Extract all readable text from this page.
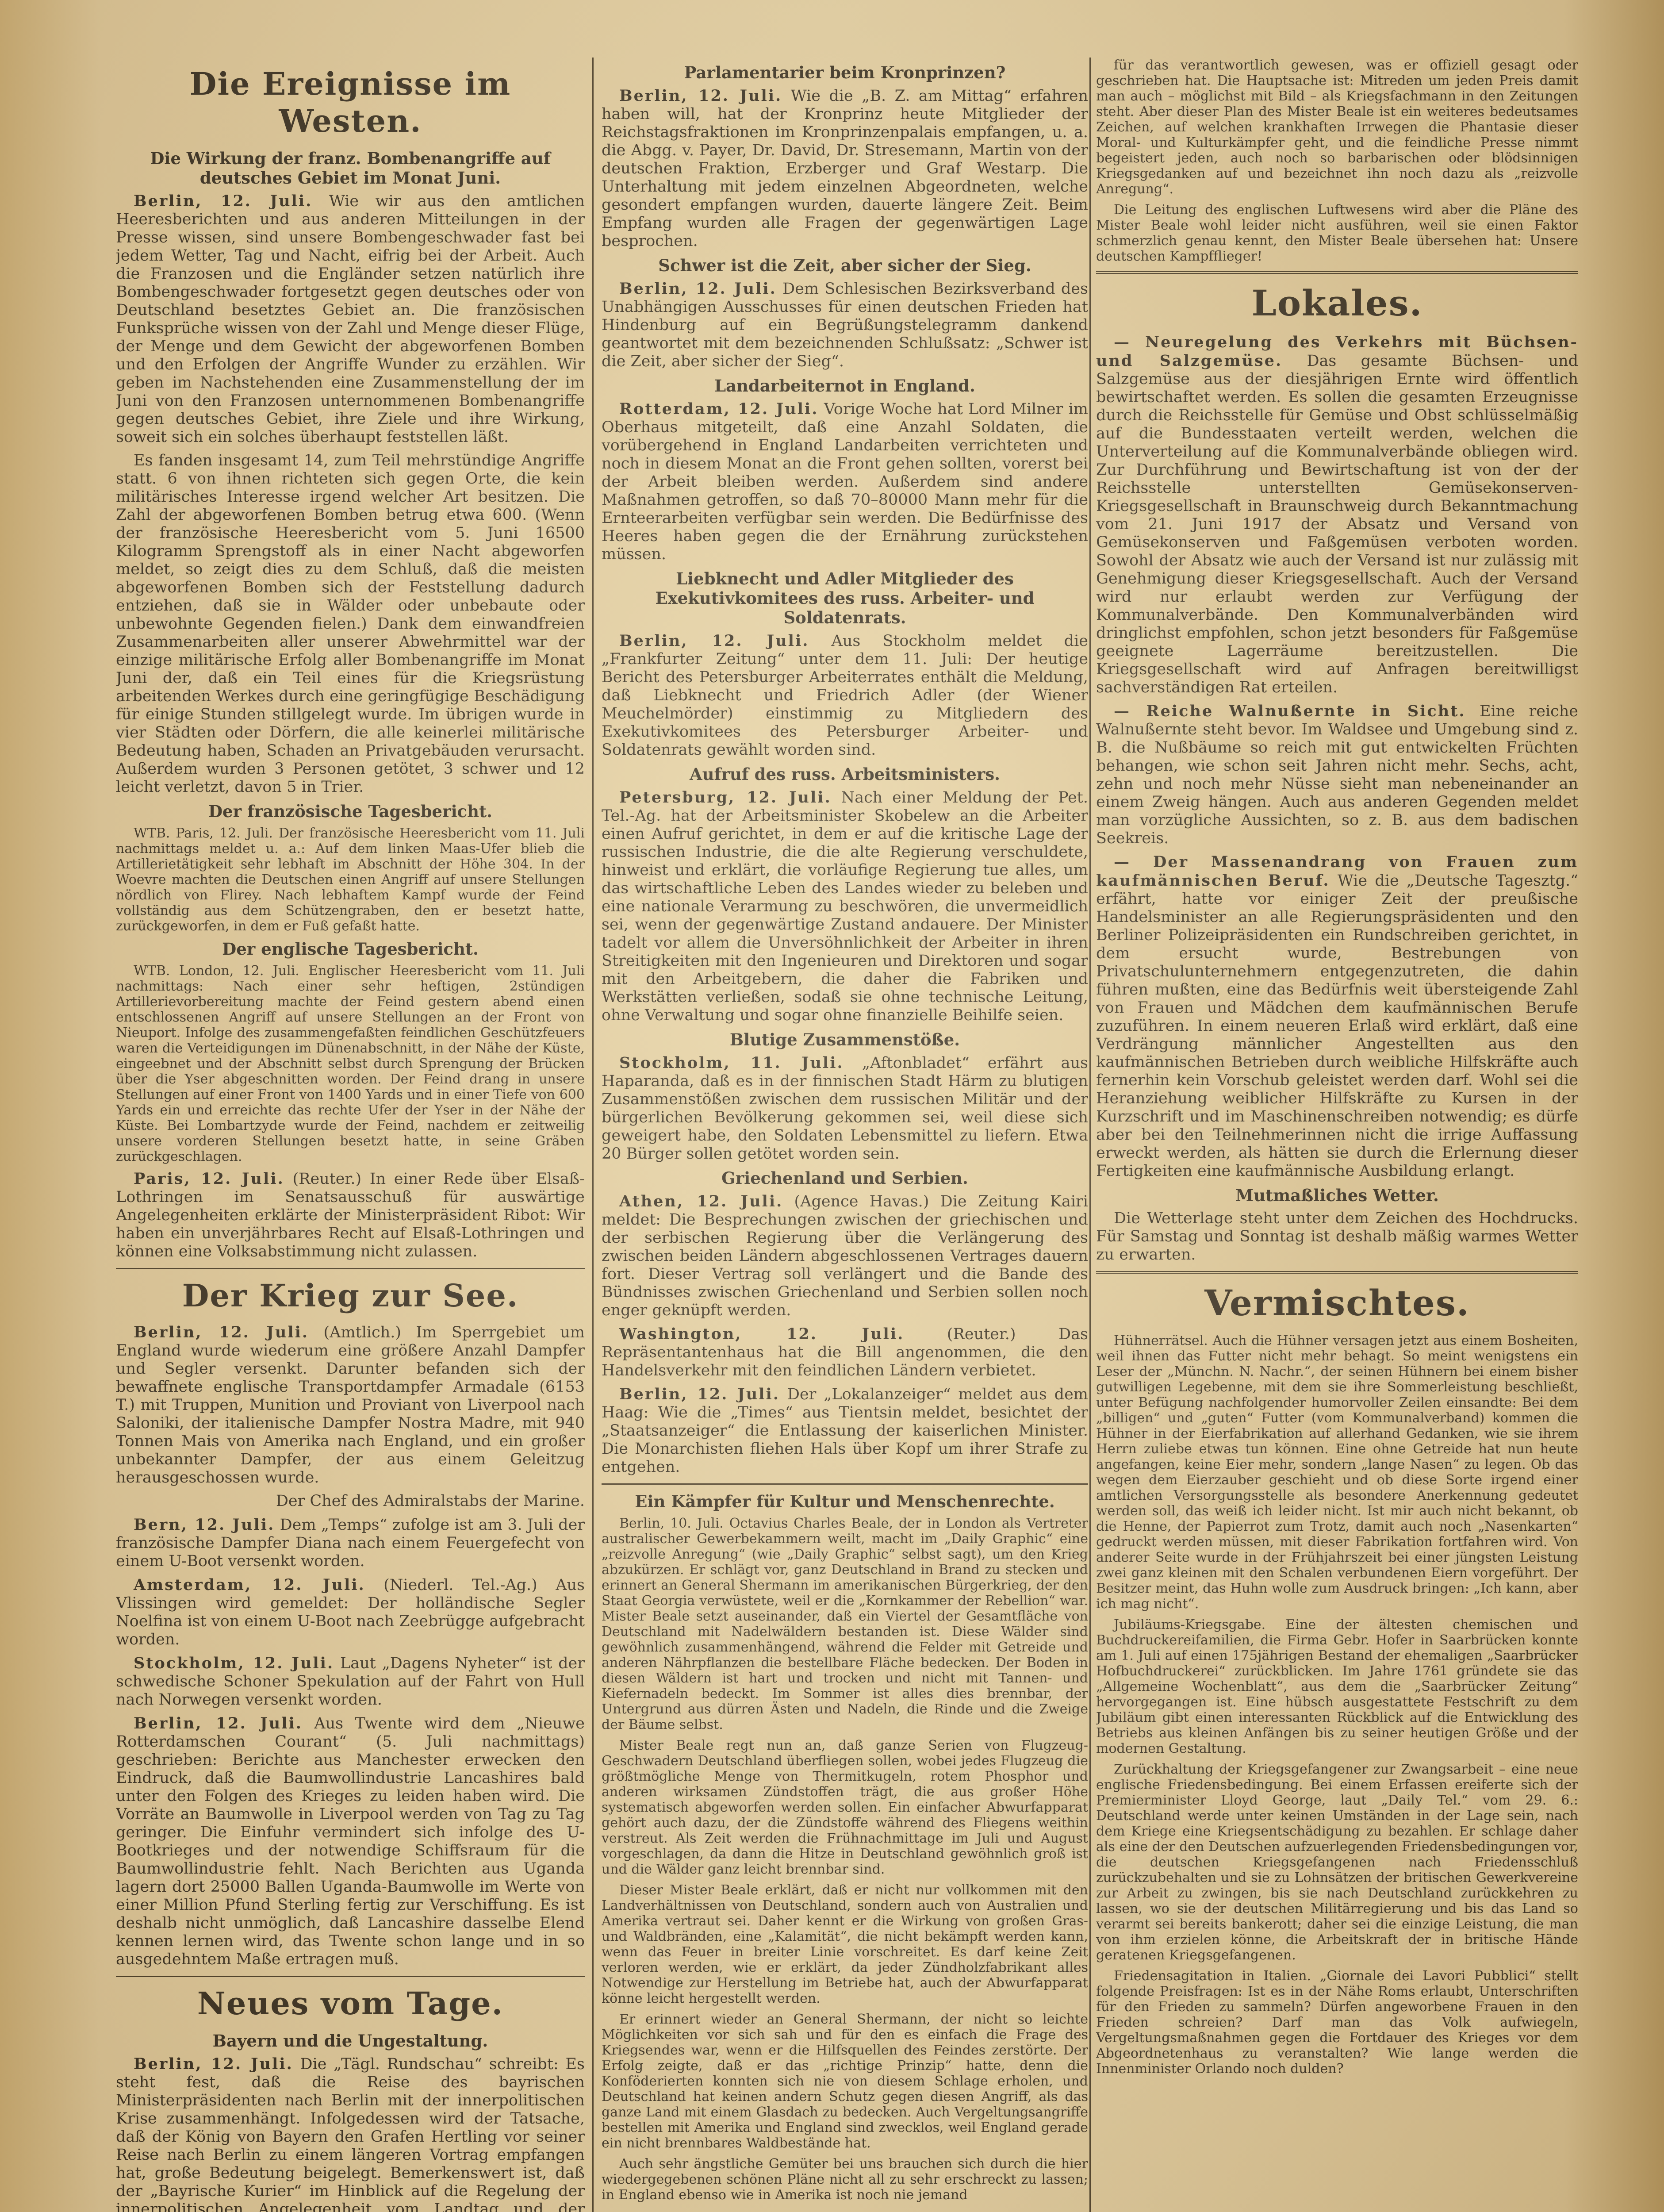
Die Ereignisse im Westen.
Die Wirkung der franz. Bombenangriffe auf deutsches Gebiet im Monat Juni.

Berlin, 12. Juli. Wie wir aus den amtlichen Heeresberichten und aus anderen Mitteilungen in der Presse wissen, sind unsere Bombengeschwader fast bei jedem Wetter, Tag und Nacht, eifrig bei der Arbeit. Auch die Franzosen und die Engländer setzen natürlich ihre Bombengeschwader fortgesetzt gegen deutsches oder von Deutschland besetztes Gebiet an. Die französischen Funksprüche wissen von der Zahl und Menge dieser Flüge, der Menge und dem Gewicht der abgeworfenen Bomben und den Erfolgen der Angriffe Wunder zu erzählen. Wir geben im Nachstehenden eine Zusammenstellung der im Juni von den Franzosen unternommenen Bombenangriffe gegen deutsches Gebiet, ihre Ziele und ihre Wirkung, soweit sich ein solches überhaupt feststellen läßt.

Es fanden insgesamt 14, zum Teil mehrstündige Angriffe statt. 6 von ihnen richteten sich gegen Orte, die kein militärisches Interesse irgend welcher Art besitzen. Die Zahl der abgeworfenen Bomben betrug etwa 600. (Wenn der französische Heeresbericht vom 5. Juni 16500 Kilogramm Sprengstoff als in einer Nacht abgeworfen meldet, so zeigt dies zu dem Schluß, daß die meisten abgeworfenen Bomben sich der Feststellung dadurch entziehen, daß sie in Wälder oder unbebaute oder unbewohnte Gegenden fielen.) Dank dem einwandfreien Zusammenarbeiten aller unserer Abwehrmittel war der einzige militärische Erfolg aller Bombenangriffe im Monat Juni der, daß ein Teil eines für die Kriegsrüstung arbeitenden Werkes durch eine geringfügige Beschädigung für einige Stunden stillgelegt wurde. Im übrigen wurde in vier Städten oder Dörfern, die alle keinerlei militärische Bedeutung haben, Schaden an Privatgebäuden verursacht. Außerdem wurden 3 Personen getötet, 3 schwer und 12 leicht verletzt, davon 5 in Trier.

Der französische Tagesbericht.

WTB. Paris, 12. Juli. Der französische Heeresbericht vom 11. Juli nachmittags meldet u. a.: Auf dem linken Maas-Ufer blieb die Artillerietätigkeit sehr lebhaft im Abschnitt der Höhe 304. In der Woevre machten die Deutschen einen Angriff auf unsere Stellungen nördlich von Flirey. Nach lebhaftem Kampf wurde der Feind vollständig aus dem Schützengraben, den er besetzt hatte, zurückgeworfen, in dem er Fuß gefaßt hatte.

Der englische Tagesbericht.

WTB. London, 12. Juli. Englischer Heeresbericht vom 11. Juli nachmittags: Nach einer sehr heftigen, 2stündigen Artillerievorbereitung machte der Feind gestern abend einen entschlossenen Angriff auf unsere Stellungen an der Front von Nieuport. Infolge des zusammengefaßten feindlichen Geschützfeuers waren die Verteidigungen im Dünenabschnitt, in der Nähe der Küste, eingeebnet und der Abschnitt selbst durch Sprengung der Brücken über die Yser abgeschnitten worden. Der Feind drang in unsere Stellungen auf einer Front von 1400 Yards und in einer Tiefe von 600 Yards ein und erreichte das rechte Ufer der Yser in der Nähe der Küste. Bei Lombartzyde wurde der Feind, nachdem er zeitweilig unsere vorderen Stellungen besetzt hatte, in seine Gräben zurückgeschlagen.

Paris, 12. Juli. (Reuter.) In einer Rede über Elsaß-Lothringen im Senatsausschuß für auswärtige Angelegenheiten erklärte der Ministerpräsident Ribot: Wir haben ein unverjährbares Recht auf Elsaß-Lothringen und können eine Volksabstimmung nicht zulassen.

Der Krieg zur See.

Berlin, 12. Juli. (Amtlich.) Im Sperrgebiet um England wurde wiederum eine größere Anzahl Dampfer und Segler versenkt. Darunter befanden sich der bewaffnete englische Transportdampfer Armadale (6153 T.) mit Truppen, Munition und Proviant von Liverpool nach Saloniki, der italienische Dampfer Nostra Madre, mit 940 Tonnen Mais von Amerika nach England, und ein großer unbekannter Dampfer, der aus einem Geleitzug herausgeschossen wurde.

Der Chef des Admiralstabs der Marine.

Bern, 12. Juli. Dem „Temps“ zufolge ist am 3. Juli der französische Dampfer Diana nach einem Feuergefecht von einem U-Boot versenkt worden.

Amsterdam, 12. Juli. (Niederl. Tel.-Ag.) Aus Vlissingen wird gemeldet: Der holländische Segler Noelfina ist von einem U-Boot nach Zeebrügge aufgebracht worden.

Stockholm, 12. Juli. Laut „Dagens Nyheter“ ist der schwedische Schoner Spekulation auf der Fahrt von Hull nach Norwegen versenkt worden.

Berlin, 12. Juli. Aus Twente wird dem „Nieuwe Rotterdamschen Courant“ (5. Juli nachmittags) geschrieben: Berichte aus Manchester erwecken den Eindruck, daß die Baumwollindustrie Lancashires bald unter den Folgen des Krieges zu leiden haben wird. Die Vorräte an Baumwolle in Liverpool werden von Tag zu Tag geringer. Die Einfuhr vermindert sich infolge des U-Bootkrieges und der notwendige Schiffsraum für die Baumwollindustrie fehlt. Nach Berichten aus Uganda lagern dort 25000 Ballen Uganda-Baumwolle im Werte von einer Million Pfund Sterling fertig zur Verschiffung. Es ist deshalb nicht unmöglich, daß Lancashire dasselbe Elend kennen lernen wird, das Twente schon lange und in so ausgedehntem Maße ertragen muß.

Neues vom Tage.
Bayern und die Ungestaltung.

Berlin, 12. Juli. Die „Tägl. Rundschau“ schreibt: Es steht fest, daß die Reise des bayrischen Ministerpräsidenten nach Berlin mit der innerpolitischen Krise zusammenhängt. Infolgedessen wird der Tatsache, daß der König von Bayern den Grafen Hertling vor seiner Reise nach Berlin zu einem längeren Vortrag empfangen hat, große Bedeutung beigelegt. Bemerkenswert ist, daß der „Bayrische Kurier“ im Hinblick auf die Regelung der innerpolitischen Angelegenheit vom Landtag und der

Parlamentarier beim Kronprinzen?

Berlin, 12. Juli. Wie die „B. Z. am Mittag“ erfahren haben will, hat der Kronprinz heute Mitglieder der Reichstagsfraktionen im Kronprinzenpalais empfangen, u. a. die Abgg. v. Payer, Dr. David, Dr. Stresemann, Martin von der deutschen Fraktion, Erzberger und Graf Westarp. Die Unterhaltung mit jedem einzelnen Abgeordneten, welche gesondert empfangen wurden, dauerte längere Zeit. Beim Empfang wurden alle Fragen der gegenwärtigen Lage besprochen.

Schwer ist die Zeit, aber sicher der Sieg.

Berlin, 12. Juli. Dem Schlesischen Bezirksverband des Unabhängigen Ausschusses für einen deutschen Frieden hat Hindenburg auf ein Begrüßungstelegramm dankend geantwortet mit dem bezeichnenden Schlußsatz: „Schwer ist die Zeit, aber sicher der Sieg“.

Landarbeiternot in England.

Rotterdam, 12. Juli. Vorige Woche hat Lord Milner im Oberhaus mitgeteilt, daß eine Anzahl Soldaten, die vorübergehend in England Landarbeiten verrichteten und noch in diesem Monat an die Front gehen sollten, vorerst bei der Arbeit bleiben werden. Außerdem sind andere Maßnahmen getroffen, so daß 70–80000 Mann mehr für die Ernteerarbeiten verfügbar sein werden. Die Bedürfnisse des Heeres haben gegen die der Ernährung zurückstehen müssen.

Liebknecht und Adler Mitglieder des Exekutivkomitees des russ. Arbeiter- und Soldatenrats.

Berlin, 12. Juli. Aus Stockholm meldet die „Frankfurter Zeitung“ unter dem 11. Juli: Der heutige Bericht des Petersburger Arbeiterrates enthält die Meldung, daß Liebknecht und Friedrich Adler (der Wiener Meuchelmörder) einstimmig zu Mitgliedern des Exekutivkomitees des Petersburger Arbeiter- und Soldatenrats gewählt worden sind.

Aufruf des russ. Arbeitsministers.

Petersburg, 12. Juli. Nach einer Meldung der Pet. Tel.-Ag. hat der Arbeitsminister Skobelew an die Arbeiter einen Aufruf gerichtet, in dem er auf die kritische Lage der russischen Industrie, die die alte Regierung verschuldete, hinweist und erklärt, die vorläufige Regierung tue alles, um das wirtschaftliche Leben des Landes wieder zu beleben und eine nationale Verarmung zu beschwören, die unvermeidlich sei, wenn der gegenwärtige Zustand andauere. Der Minister tadelt vor allem die Unversöhnlichkeit der Arbeiter in ihren Streitigkeiten mit den Ingenieuren und Direktoren und sogar mit den Arbeitgebern, die daher die Fabriken und Werkstätten verließen, sodaß sie ohne technische Leitung, ohne Verwaltung und sogar ohne finanzielle Beihilfe seien.

Blutige Zusammenstöße.

Stockholm, 11. Juli. „Aftonbladet“ erfährt aus Haparanda, daß es in der finnischen Stadt Härm zu blutigen Zusammenstößen zwischen dem russischen Militär und der bürgerlichen Bevölkerung gekommen sei, weil diese sich geweigert habe, den Soldaten Lebensmittel zu liefern. Etwa 20 Bürger sollen getötet worden sein.

Griechenland und Serbien.

Athen, 12. Juli. (Agence Havas.) Die Zeitung Kairi meldet: Die Besprechungen zwischen der griechischen und der serbischen Regierung über die Verlängerung des zwischen beiden Ländern abgeschlossenen Vertrages dauern fort. Dieser Vertrag soll verlängert und die Bande des Bündnisses zwischen Griechenland und Serbien sollen noch enger geknüpft werden.

Washington, 12. Juli.	(Reuter.) Das Repräsentantenhaus hat die Bill angenommen, die den Handelsverkehr mit den feindlichen Ländern verbietet.

Berlin, 12. Juli. Der „Lokalanzeiger“ meldet aus dem Haag: Wie die „Times“ aus Tientsin meldet, besichtet der „Staatsanzeiger“ die Entlassung der kaiserlichen Minister. Die Monarchisten fliehen Hals über Kopf um ihrer Strafe zu entgehen.

Ein Kämpfer für Kultur und Menschenrechte.

Berlin, 10. Juli. Octavius Charles Beale, der in London als Vertreter australischer Gewerbekammern weilt, macht im „Daily Graphic“ eine „reizvolle Anregung“ (wie „Daily Graphic“ selbst sagt), um den Krieg abzukürzen. Er schlägt vor, ganz Deutschland in Brand zu stecken und erinnert an General Shermann im amerikanischen Bürgerkrieg, der den Staat Georgia verwüstete, weil er die „Kornkammer der Rebellion“ war. Mister Beale setzt auseinander, daß ein Viertel der Gesamtfläche von Deutschland mit Nadelwäldern bestanden ist. Diese Wälder sind gewöhnlich zusammenhängend, während die Felder mit Getreide und anderen Nährpflanzen die bestellbare Fläche bedecken. Der Boden in diesen Wäldern ist hart und trocken und nicht mit Tannen- und Kiefernadeln bedeckt. Im Sommer ist alles dies brennbar, der Untergrund aus dürren Ästen und Nadeln, die Rinde und die Zweige der Bäume selbst.

Mister Beale regt nun an, daß ganze Serien von Flugzeug-Geschwadern Deutschland überfliegen sollen, wobei jedes Flugzeug die größtmögliche Menge von Thermitkugeln, rotem Phosphor und anderen wirksamen Zündstoffen trägt, die aus großer Höhe systematisch abgeworfen werden sollen. Ein einfacher Abwurfapparat gehört auch dazu, der die Zündstoffe während des Fliegens weithin verstreut. Als Zeit werden die Frühnachmittage im Juli und August vorgeschlagen, da dann die Hitze in Deutschland gewöhnlich groß ist und die Wälder ganz leicht brennbar sind.

Dieser Mister Beale erklärt, daß er nicht nur vollkommen mit den Landverhältnissen von Deutschland, sondern auch von Australien und Amerika vertraut sei. Daher kennt er die Wirkung von großen Gras- und Waldbränden, eine „Kalamität“, die nicht bekämpft werden kann, wenn das Feuer in breiter Linie vorschreitet. Es darf keine Zeit verloren werden, wie er erklärt, da jeder Zündholzfabrikant alles Notwendige zur Herstellung im Betriebe hat, auch der Abwurfapparat könne leicht hergestellt werden.

Er erinnert wieder an General Shermann, der nicht so leichte Möglichkeiten vor sich sah und für den es einfach die Frage des Kriegsendes war, wenn er die Hilfsquellen des Feindes zerstörte. Der Erfolg zeigte, daß er das „richtige Prinzip“ hatte, denn die Konföderierten konnten sich nie von diesem Schlage erholen, und Deutschland hat keinen andern Schutz gegen diesen Angriff, als das ganze Land mit einem Glasdach zu bedecken. Auch Vergeltungsangriffe bestellen mit Amerika und England sind zwecklos, weil England gerade ein nicht brennbares Waldbestände hat.

Auch sehr ängstliche Gemüter bei uns brauchen sich durch die hier wiedergegebenen schönen Pläne nicht all zu sehr erschreckt zu lassen; in England ebenso wie in Amerika ist noch nie jemand

für das verantwortlich gewesen, was er offiziell gesagt oder geschrieben hat. Die Hauptsache ist: Mitreden um jeden Preis damit man auch – möglichst mit Bild – als Kriegsfachmann in den Zeitungen steht. Aber dieser Plan des Mister Beale ist ein weiteres bedeutsames Zeichen, auf welchen krankhaften Irrwegen die Phantasie dieser Moral- und Kulturkämpfer geht, und die feindliche Presse nimmt begeistert jeden, auch noch so barbarischen oder blödsinnigen Kriegsgedanken auf und bezeichnet ihn noch dazu als „reizvolle Anregung“.

Die Leitung des englischen Luftwesens wird aber die Pläne des Mister Beale wohl leider nicht ausführen, weil sie einen Faktor schmerzlich genau kennt, den Mister Beale übersehen hat: Unsere deutschen Kampfflieger!

Lokales.

— Neuregelung des Verkehrs mit Büchsen- und Salzgemüse. Das gesamte Büchsen- und Salzgemüse aus der diesjährigen Ernte wird öffentlich bewirtschaftet werden. Es sollen die gesamten Erzeugnisse durch die Reichsstelle für Gemüse und Obst schlüsselmäßig auf die Bundesstaaten verteilt werden, welchen die Unterverteilung auf die Kommunalverbände obliegen wird. Zur Durchführung und Bewirtschaftung ist von der der Reichsstelle unterstellten Gemüsekonserven-Kriegsgesellschaft in Braunschweig durch Bekanntmachung vom 21. Juni 1917 der Absatz und Versand von Gemüsekonserven und Faßgemüsen verboten worden. Sowohl der Absatz wie auch der Versand ist nur zulässig mit Genehmigung dieser Kriegsgesellschaft. Auch der Versand wird nur erlaubt werden zur Verfügung der Kommunalverbände. Den Kommunalverbänden wird dringlichst empfohlen, schon jetzt besonders für Faßgemüse geeignete Lagerräume bereitzustellen. Die Kriegsgesellschaft wird auf Anfragen bereitwilligst sachverständigen Rat erteilen.

— Reiche Walnußernte in Sicht. Eine reiche Walnußernte steht bevor. Im Waldsee und Umgebung sind z. B. die Nußbäume so reich mit gut entwickelten Früchten behangen, wie schon seit Jahren nicht mehr. Sechs, acht, zehn und noch mehr Nüsse sieht man nebeneinander an einem Zweig hängen. Auch aus anderen Gegenden meldet man vorzügliche Aussichten, so z. B. aus dem badischen Seekreis.

— Der Massenandrang von Frauen zum kaufmännischen Beruf. Wie die „Deutsche Tagesztg.“ erfährt, hatte vor einiger Zeit der preußische Handelsminister an alle Regierungspräsidenten und den Berliner Polizeipräsidenten ein Rundschreiben gerichtet, in dem ersucht wurde, Bestrebungen von Privatschulunternehmern entgegenzutreten, die dahin führen mußten, eine das Bedürfnis weit übersteigende Zahl von Frauen und Mädchen dem kaufmännischen Berufe zuzuführen. In einem neueren Erlaß wird erklärt, daß eine Verdrängung männlicher Angestellten aus den kaufmännischen Betrieben durch weibliche Hilfskräfte auch fernerhin kein Vorschub geleistet werden darf. Wohl sei die Heranziehung weiblicher Hilfskräfte zu Kursen in der Kurzschrift und im Maschinenschreiben notwendig; es dürfe aber bei den Teilnehmerinnen nicht die irrige Auffassung erweckt werden, als hätten sie durch die Erlernung dieser Fertigkeiten eine kaufmännische Ausbildung erlangt.

Mutmaßliches Wetter.

Die Wetterlage steht unter dem Zeichen des Hochdrucks. Für Samstag und Sonntag ist deshalb mäßig warmes Wetter zu erwarten.

Vermischtes.

Hühnerrätsel. Auch die Hühner versagen jetzt aus einem Bosheiten, weil ihnen das Futter nicht mehr behagt. So meint wenigstens ein Leser der „Münchn. N. Nachr.“, der seinen Hühnern bei einem bisher gutwilligen Legebenne, mit dem sie ihre Sommerleistung beschließt, unter Befügung nachfolgender humorvoller Zeilen einsandte: Bei dem „billigen“ und „guten“ Futter (vom Kommunalverband) kommen die Hühner in der Eierfabrikation auf allerhand Gedanken, wie sie ihrem Herrn zuliebe etwas tun können. Eine ohne Getreide hat nun heute angefangen, keine Eier mehr, sondern „lange Nasen“ zu legen. Ob das wegen dem Eierzauber geschieht und ob diese Sorte irgend einer amtlichen Versorgungsstelle als besondere Anerkennung gedeutet werden soll, das weiß ich leider nicht. Ist mir auch nicht bekannt, ob die Henne, der Papierrot zum Trotz, damit auch noch „Nasenkarten“ gedruckt werden müssen, mit dieser Fabrikation fortfahren wird. Von anderer Seite wurde in der Frühjahrszeit bei einer jüngsten Leistung zwei ganz kleinen mit den Schalen verbundenen Eiern vorgeführt. Der Besitzer meint, das Huhn wolle zum Ausdruck bringen: „Ich kann, aber ich mag nicht“.

Jubiläums-Kriegsgabe. Eine der ältesten chemischen und Buchdruckereifamilien, die Firma Gebr. Hofer in Saarbrücken konnte am 1. Juli auf einen 175jährigen Bestand der ehemaligen „Saarbrücker Hofbuchdruckerei“ zurückblicken. Im Jahre 1761 gründete sie das „Allgemeine Wochenblatt“, aus dem die „Saarbrücker Zeitung“ hervorgegangen ist. Eine hübsch ausgestattete Festschrift zu dem Jubiläum gibt einen interessanten Rückblick auf die Entwicklung des Betriebs aus kleinen Anfängen bis zu seiner heutigen Größe und der modernen Gestaltung.

Zurückhaltung der Kriegsgefangener zur Zwangsarbeit – eine neue englische Friedensbedingung. Bei einem Erfassen ereiferte sich der Premierminister Lloyd George, laut „Daily Tel.“ vom 29. 6.: Deutschland werde unter keinen Umständen in der Lage sein, nach dem Kriege eine Kriegsentschädigung zu bezahlen. Er schlage daher als eine der den Deutschen aufzuerlegenden Friedensbedingungen vor, die deutschen Kriegsgefangenen nach Friedensschluß zurückzubehalten und sie zu Lohnsätzen der britischen Gewerkvereine zur Arbeit zu zwingen, bis sie nach Deutschland zurückkehren zu lassen, wo sie der deutschen Militärregierung und bis das Land so verarmt sei bereits bankerott; daher sei die einzige Leistung, die man von ihm erzielen könne, die Arbeitskraft der in britische Hände geratenen Kriegsgefangenen.

Friedensagitation in Italien. „Giornale dei Lavori Pubblici“ stellt folgende Preisfragen: Ist es in der Nähe Roms erlaubt, Unterschriften für den Frieden zu sammeln? Dürfen angeworbene Frauen in den Frieden schreien? Darf man das Volk aufwiegeln, Vergeltungsmaßnahmen gegen die Fortdauer des Krieges vor dem Abgeordnetenhaus zu veranstalten? Wie lange werden die Innenminister Orlando noch dulden?
